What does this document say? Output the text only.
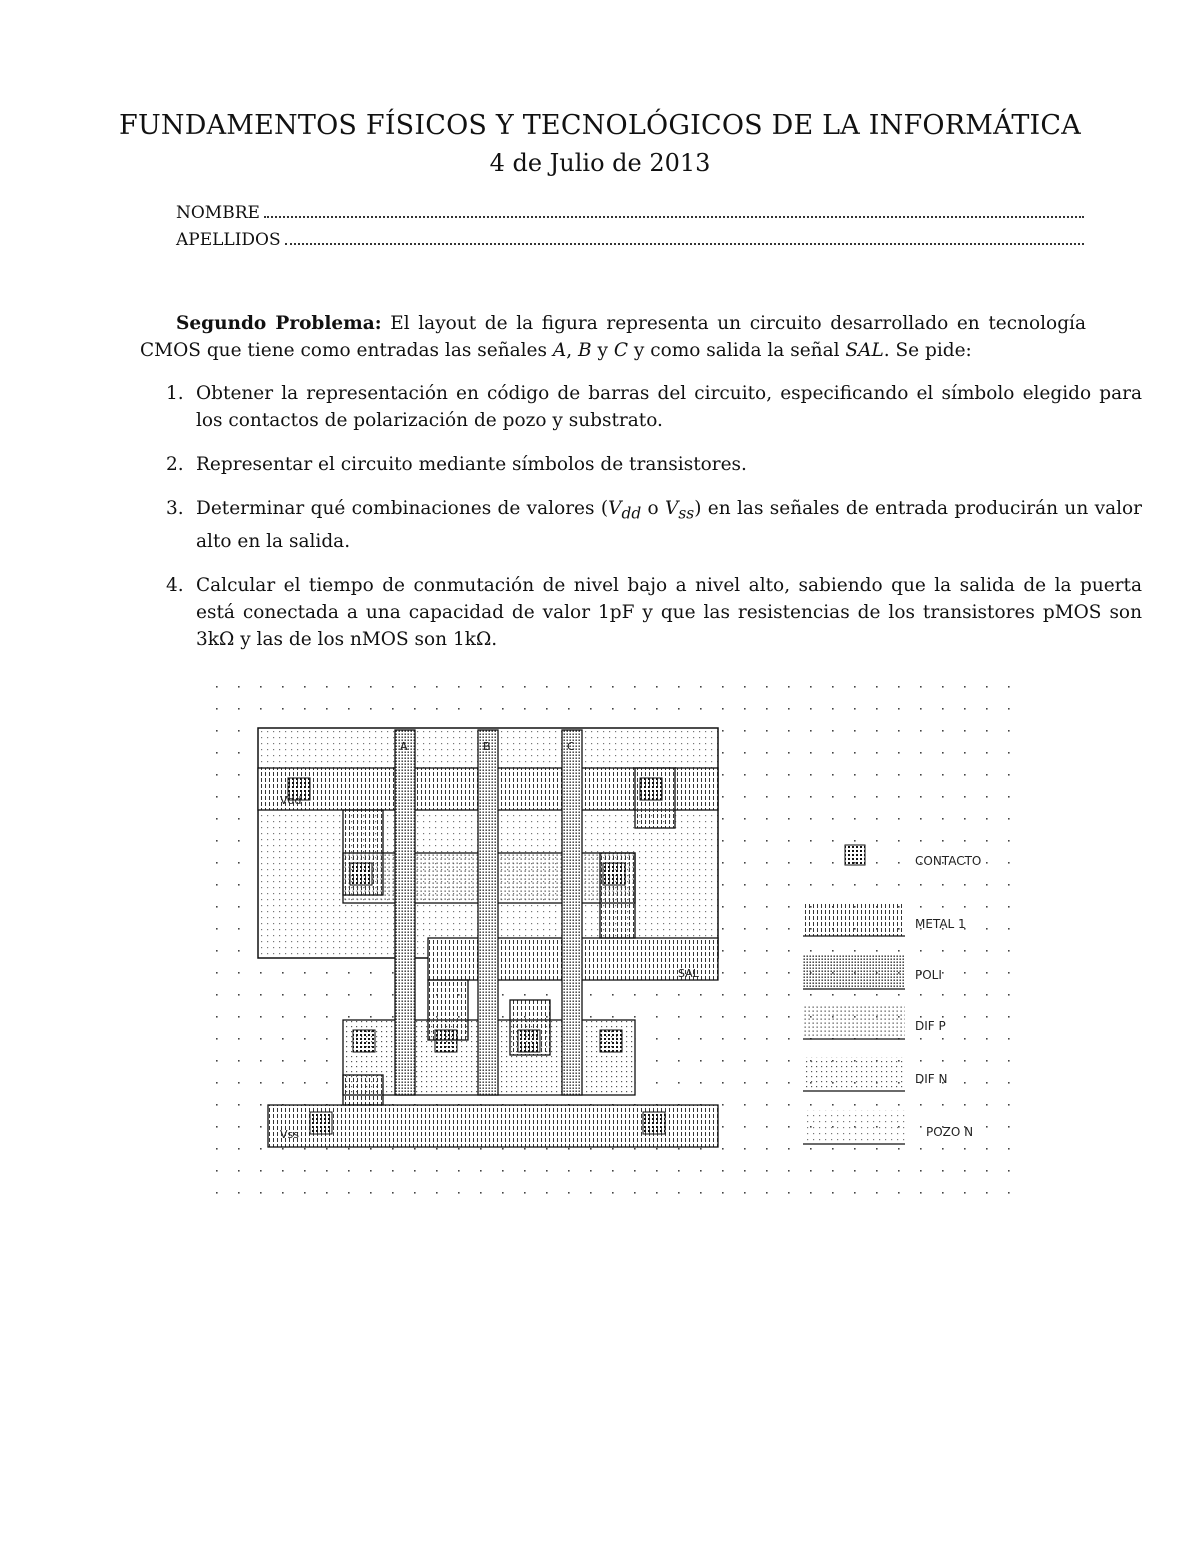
FUNDAMENTOS FÍSICOS Y TECNOLÓGICOS DE LA INFORMÁTICA
4 de Julio de 2013
NOMBRE
APELLIDOS
Segundo Problema: El layout de la figura representa un circuito desarrollado en tecnología CMOS que tiene como entradas las señales A, B y C y como salida la señal SAL. Se pide:
1. Obtener la representación en código de barras del circuito, especificando el símbolo elegido para los contactos de polarización de pozo y substrato.
2. Representar el circuito mediante símbolos de transistores.
3. Determinar qué combinaciones de valores ($V_{dd}$ o $V_{ss}$) en las señales de entrada producirán un valor alto en la salida.
4. Calcular el tiempo de conmutación de nivel bajo a nivel alto, sabiendo que la salida de la puerta está conectada a una capacidad de valor 1pF y que las resistencias de los transistores pMOS son 3kΩ y las de los nMOS son 1kΩ.
A	B	C
Vdd
Vss
SAL
CONTACTO
METAL 1
POLI
DIF P
DIF N
POZO N
